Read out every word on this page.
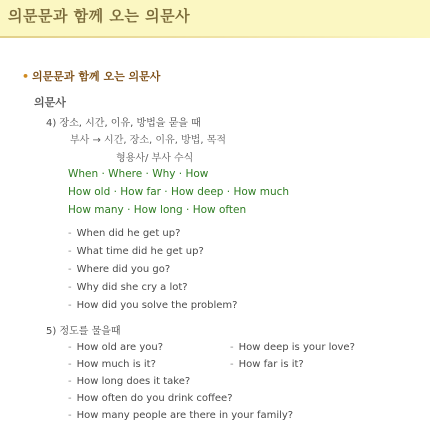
의문문과 함께 오는 의문사
• 의문문과 함께 오는 의문사
의문사
4) 장소, 시간, 이유, 방법을 묻을 때
부사 → 시간, 장소, 이유, 방법, 목적
형용사/ 부사 수식
When · Where · Why · How
How old · How far · How deep · How much
How many · How long · How often
- When did he get up?
- What time did he get up?
- Where did you go?
- Why did she cry a lot?
- How did you solve the problem?
5) 정도를 물을때
- How old are you?	- How deep is your love?
- How much is it?	- How far is it?
- How long does it take?
- How often do you drink coffee?
- How many people are there in your family?
